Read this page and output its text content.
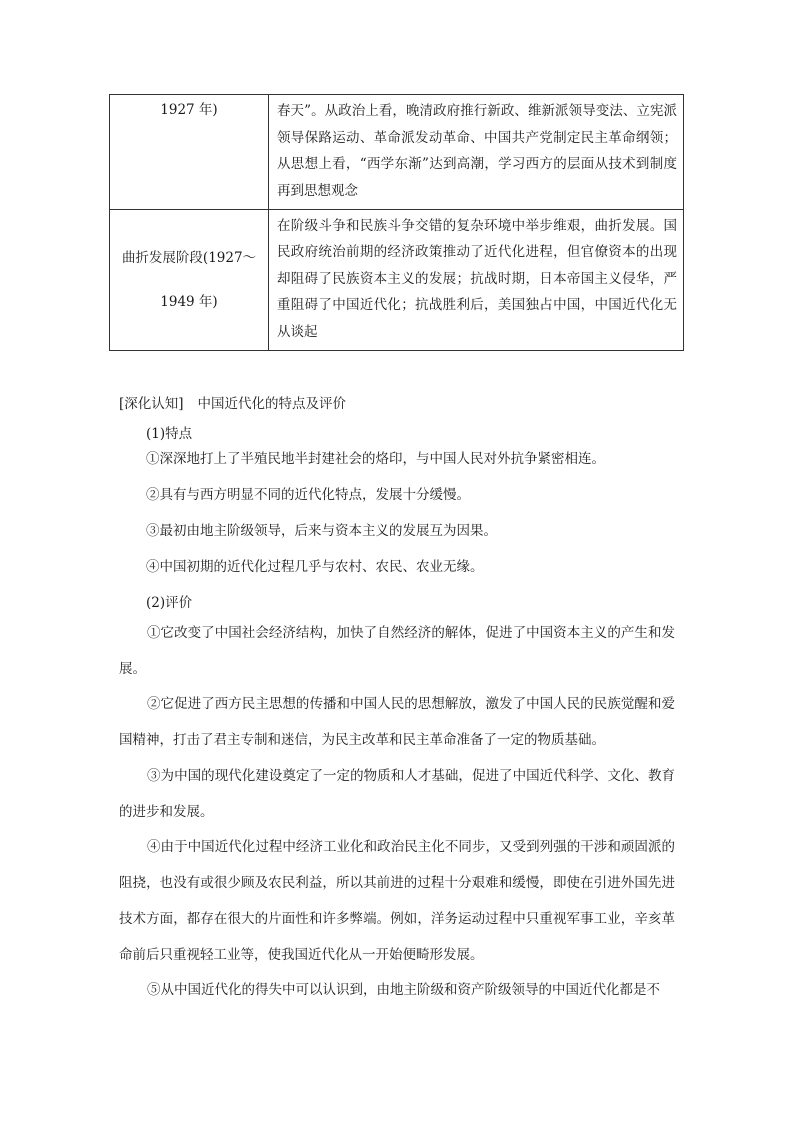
1927 年)	春天”。从政治上看，晚清政府推行新政、维新派领导变法、立宪派领导保路运动、革命派发动革命、中国共产党制定民主革命纲领；从思想上看，“西学东渐”达到高潮，学习西方的层面从技术到制度再到思想观念

曲折发展阶段(1927～
1949 年)	在阶级斗争和民族斗争交错的复杂环境中举步维艰，曲折发展。国民政府统治前期的经济政策推动了近代化进程，但官僚资本的出现却阻碍了民族资本主义的发展；抗战时期，日本帝国主义侵华，严重阻碍了中国近代化；抗战胜利后，美国独占中国，中国近代化无从谈起
[深化认知] 中国近代化的特点及评价
(1)特点
①深深地打上了半殖民地半封建社会的烙印，与中国人民对外抗争紧密相连。
②具有与西方明显不同的近代化特点，发展十分缓慢。
③最初由地主阶级领导，后来与资本主义的发展互为因果。
④中国初期的近代化过程几乎与农村、农民、农业无缘。
(2)评价
①它改变了中国社会经济结构，加快了自然经济的解体，促进了中国资本主义的产生和发展。
②它促进了西方民主思想的传播和中国人民的思想解放，激发了中国人民的民族觉醒和爱国精神，打击了君主专制和迷信，为民主改革和民主革命准备了一定的物质基础。
③为中国的现代化建设奠定了一定的物质和人才基础，促进了中国近代科学、文化、教育的进步和发展。
④由于中国近代化过程中经济工业化和政治民主化不同步，又受到列强的干涉和顽固派的阻挠，也没有或很少顾及农民利益，所以其前进的过程十分艰难和缓慢，即使在引进外国先进技术方面，都存在很大的片面性和许多弊端。例如，洋务运动过程中只重视军事工业，辛亥革命前后只重视轻工业等，使我国近代化从一开始便畸形发展。
⑤从中国近代化的得失中可以认识到，由地主阶级和资产阶级领导的中国近代化都是不
